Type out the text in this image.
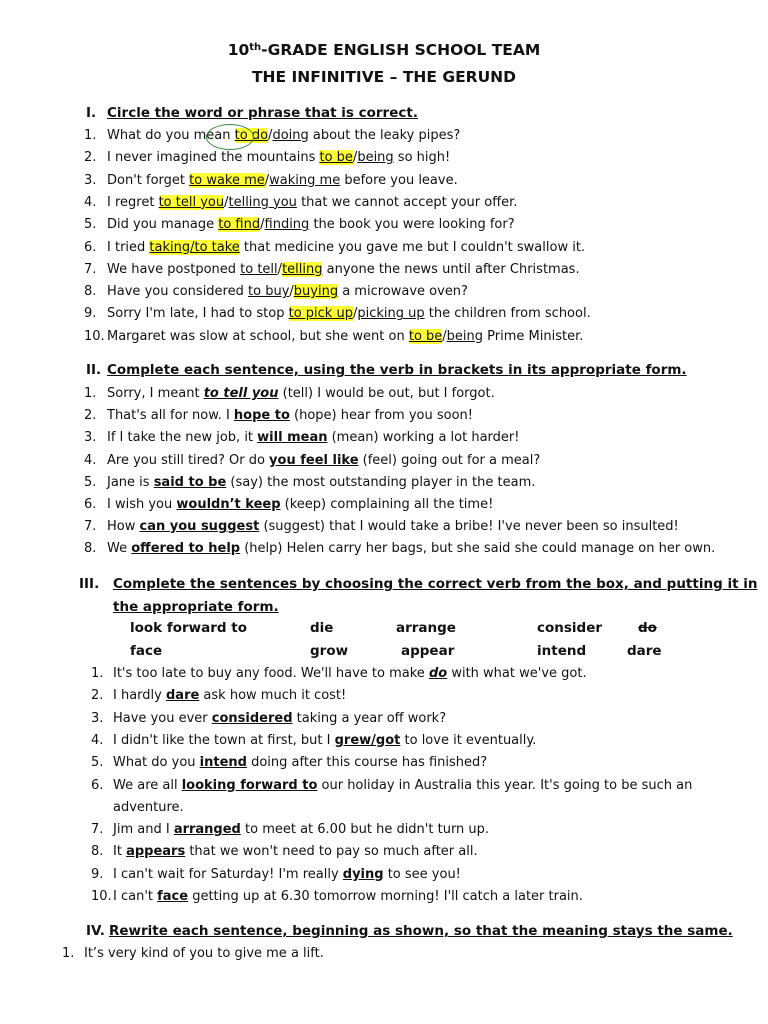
10th-GRADE ENGLISH SCHOOL TEAM
THE INFINITIVE – THE GERUND
I. Circle the word or phrase that is correct.
1. What do you mean to do/doing about the leaky pipes?
2. I never imagined the mountains to be/being so high!
3. Don't forget to wake me/waking me before you leave.
4. I regret to tell you/telling you that we cannot accept your offer.
5. Did you manage to find/finding the book you were looking for?
6. I tried taking/to take that medicine you gave me but I couldn't swallow it.
7. We have postponed to tell/telling anyone the news until after Christmas.
8. Have you considered to buy/buying a microwave oven?
9. Sorry I'm late, I had to stop to pick up/picking up the children from school.
10. Margaret was slow at school, but she went on to be/being Prime Minister.
II. Complete each sentence, using the verb in brackets in its appropriate form.
1. Sorry, I meant to tell you (tell) I would be out, but I forgot.
2. That's all for now. I hope to (hope) hear from you soon!
3. If I take the new job, it will mean (mean) working a lot harder!
4. Are you still tired? Or do you feel like (feel) going out for a meal?
5. Jane is said to be (say) the most outstanding player in the team.
6. I wish you wouldn’t keep (keep) complaining all the time!
7. How can you suggest (suggest) that I would take a bribe! I've never been so insulted!
8. We offered to help (help) Helen carry her bags, but she said she could manage on her own.
III. Complete the sentences by choosing the correct verb from the box, and putting it in
the appropriate form.
look forward to	die	arrange	consider	do
face	grow	appear	intend	dare
1. It's too late to buy any food. We'll have to make do with what we've got.
2. I hardly dare ask how much it cost!
3. Have you ever considered taking a year off work?
4. I didn't like the town at first, but I grew/got to love it eventually.
5. What do you intend doing after this course has finished?
6. We are all looking forward to our holiday in Australia this year. It's going to be such an
adventure.
7. Jim and I arranged to meet at 6.00 but he didn't turn up.
8. It appears that we won't need to pay so much after all.
9. I can't wait for Saturday! I'm really dying to see you!
10. I can't face getting up at 6.30 tomorrow morning! I'll catch a later train.
IV. Rewrite each sentence, beginning as shown, so that the meaning stays the same.
1. It’s very kind of you to give me a lift.
